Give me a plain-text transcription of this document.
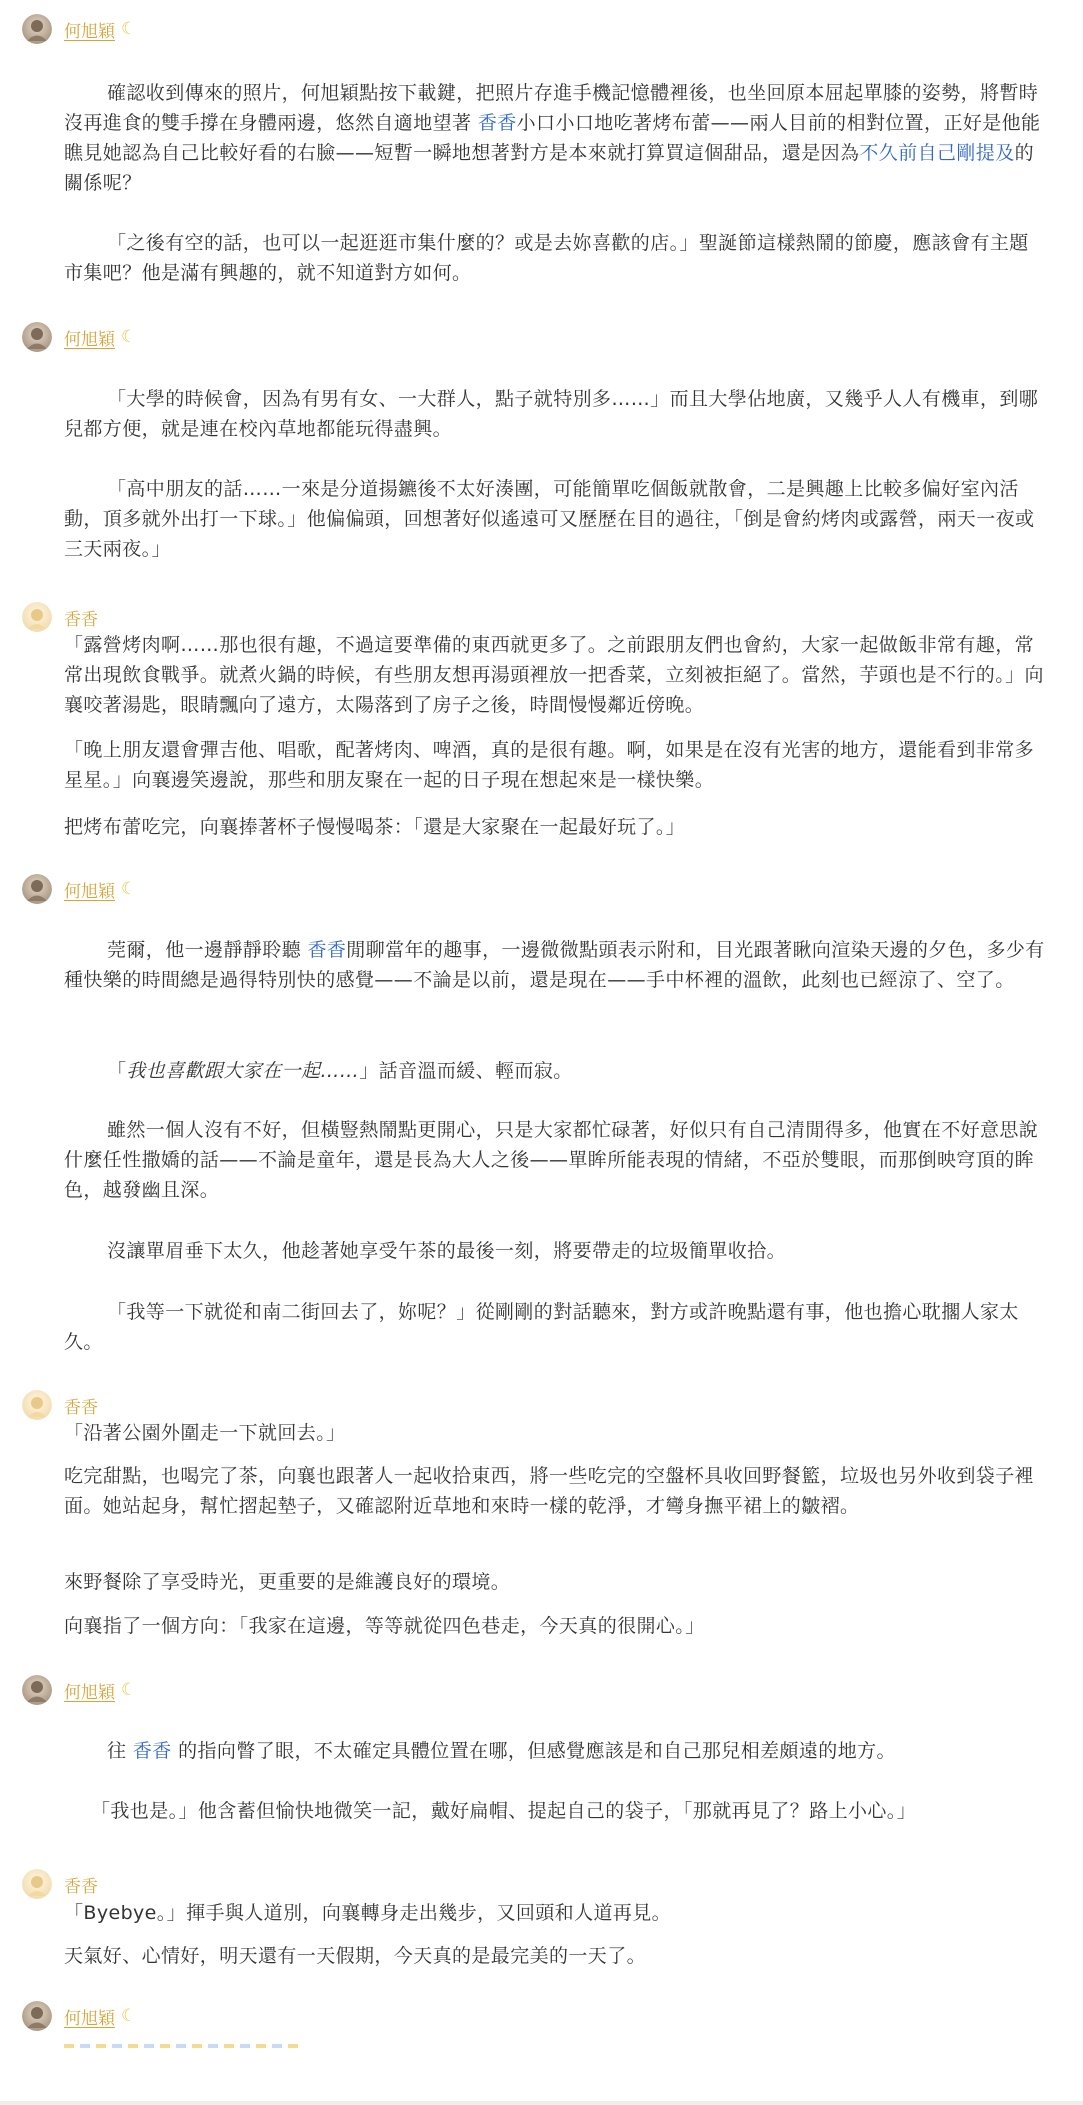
何旭穎 ☾

確認收到傳來的照片，何旭穎點按下載鍵，把照片存進手機記憶體裡後，也坐回原本屈起單膝的姿勢，將暫時沒再進食的雙手撐在身體兩邊，悠然自適地望著 香香小口小口地吃著烤布蕾——兩人目前的相對位置，正好是他能瞧見她認為自己比較好看的右臉——短暫一瞬地想著對方是本來就打算買這個甜品，還是因為不久前自己剛提及的關係呢？

「之後有空的話，也可以一起逛逛市集什麼的？或是去妳喜歡的店。」聖誕節這樣熱鬧的節慶，應該會有主題市集吧？他是滿有興趣的，就不知道對方如何。

何旭穎 ☾

「大學的時候會，因為有男有女、一大群人，點子就特別多……」而且大學佔地廣，又幾乎人人有機車，到哪兒都方便，就是連在校內草地都能玩得盡興。

「高中朋友的話……一來是分道揚鑣後不太好湊團，可能簡單吃個飯就散會，二是興趣上比較多偏好室內活動，頂多就外出打一下球。」他偏偏頭，回想著好似遙遠可又歷歷在目的過往，「倒是會約烤肉或露營，兩天一夜或三天兩夜。」

香香

「露營烤肉啊……那也很有趣，不過這要準備的東西就更多了。之前跟朋友們也會約，大家一起做飯非常有趣，常常出現飲食戰爭。就煮火鍋的時候，有些朋友想再湯頭裡放一把香菜，立刻被拒絕了。當然，芋頭也是不行的。」向襄咬著湯匙，眼睛飄向了遠方，太陽落到了房子之後，時間慢慢鄰近傍晚。

「晚上朋友還會彈吉他、唱歌，配著烤肉、啤酒，真的是很有趣。啊，如果是在沒有光害的地方，還能看到非常多星星。」向襄邊笑邊說，那些和朋友聚在一起的日子現在想起來是一樣快樂。

把烤布蕾吃完，向襄捧著杯子慢慢喝茶：「還是大家聚在一起最好玩了。」

何旭穎 ☾

莞爾，他一邊靜靜聆聽 香香閒聊當年的趣事，一邊微微點頭表示附和，目光跟著瞅向渲染天邊的夕色，多少有種快樂的時間總是過得特別快的感覺——不論是以前，還是現在——手中杯裡的溫飲，此刻也已經涼了、空了。

「我也喜歡跟大家在一起……」話音溫而緩、輕而寂。

雖然一個人沒有不好，但橫豎熱鬧點更開心，只是大家都忙碌著，好似只有自己清閒得多，他實在不好意思說什麼任性撒嬌的話——不論是童年，還是長為大人之後——單眸所能表現的情緒，不亞於雙眼，而那倒映穹頂的眸色，越發幽且深。

沒讓單眉垂下太久，他趁著她享受午茶的最後一刻，將要帶走的垃圾簡單收拾。

「我等一下就從和南二街回去了，妳呢？」從剛剛的對話聽來，對方或許晚點還有事，他也擔心耽擱人家太久。

香香

「沿著公園外圍走一下就回去。」

吃完甜點，也喝完了茶，向襄也跟著人一起收拾東西，將一些吃完的空盤杯具收回野餐籃，垃圾也另外收到袋子裡面。她站起身，幫忙摺起墊子，又確認附近草地和來時一樣的乾淨，才彎身撫平裙上的皺褶。

來野餐除了享受時光，更重要的是維護良好的環境。

向襄指了一個方向：「我家在這邊，等等就從四色巷走，今天真的很開心。」

何旭穎 ☾

往 香香 的指向瞥了眼，不太確定具體位置在哪，但感覺應該是和自己那兒相差頗遠的地方。

「我也是。」他含蓄但愉快地微笑一記，戴好扁帽、提起自己的袋子，「那就再見了？路上小心。」

香香

「Byebye。」揮手與人道別，向襄轉身走出幾步，又回頭和人道再見。

天氣好、心情好，明天還有一天假期，今天真的是最完美的一天了。

何旭穎 ☾
